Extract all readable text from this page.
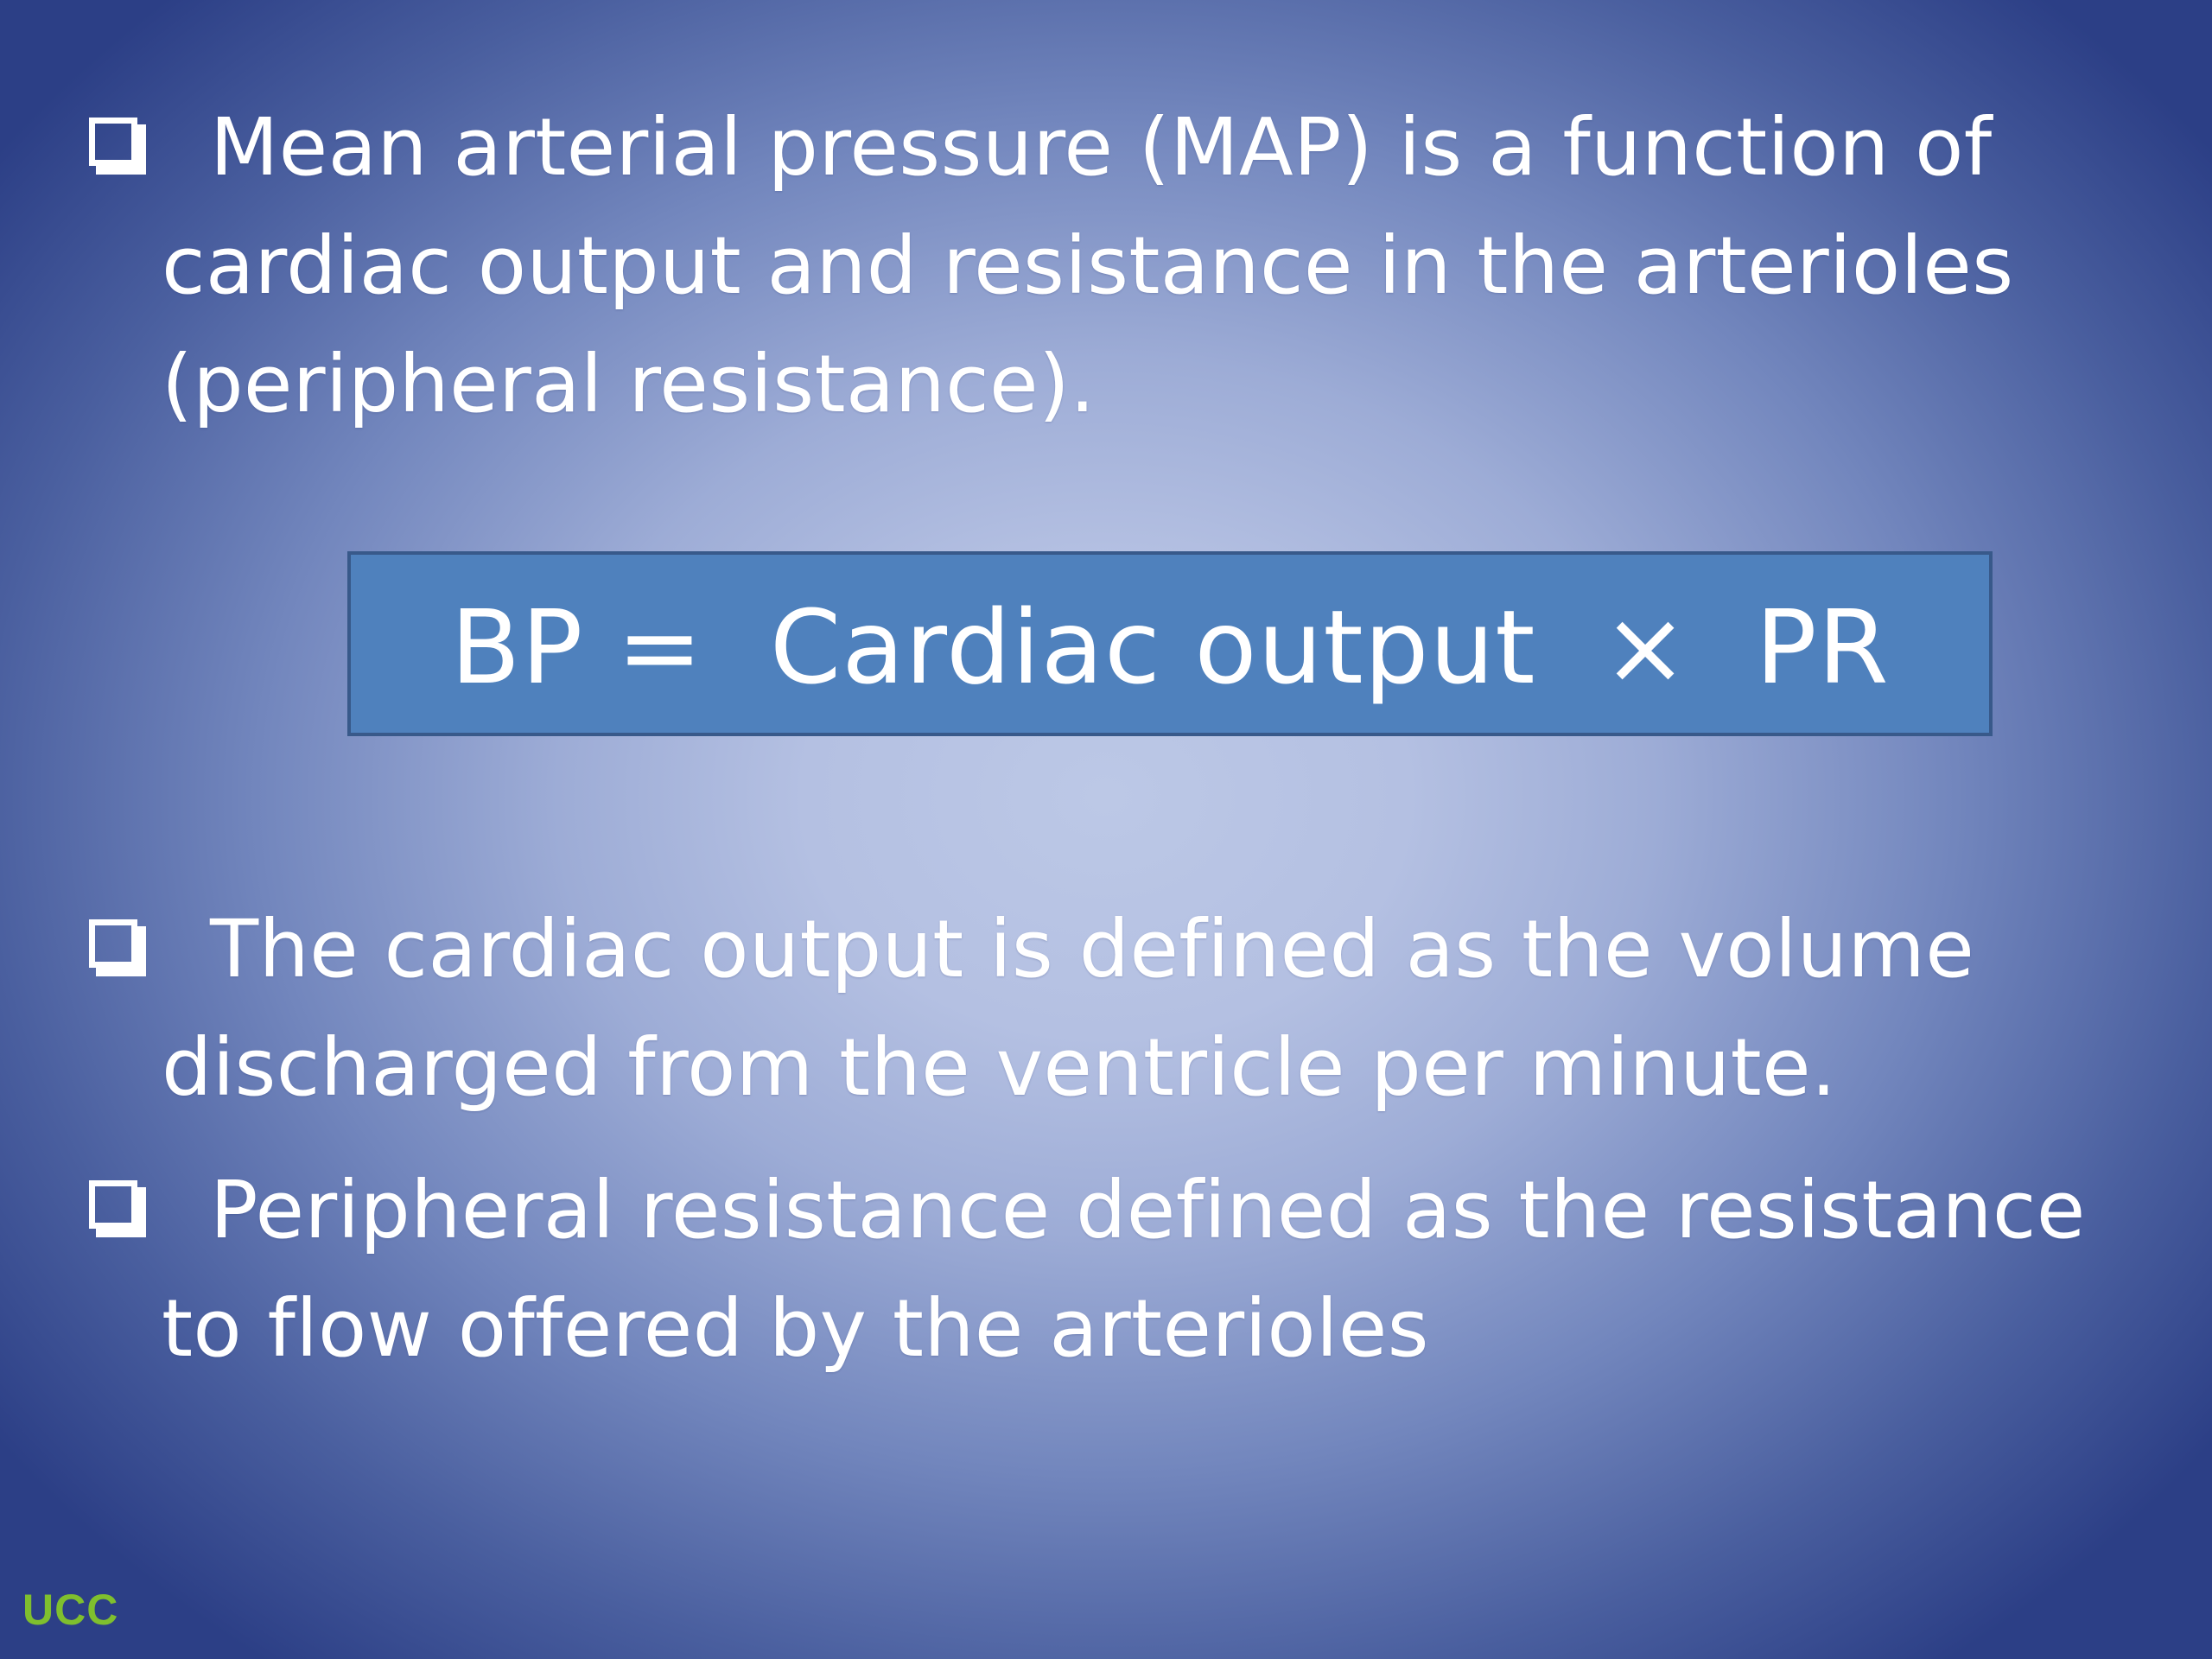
Mean arterial pressure (MAP) is a function of
cardiac output and resistance in the arterioles
(peripheral resistance).
BP =  Cardiac output  ×  PR
The cardiac output is defined as the volume
discharged from the ventricle per minute.
Peripheral resistance defined as the resistance
to flow offered by the arterioles
UCC
